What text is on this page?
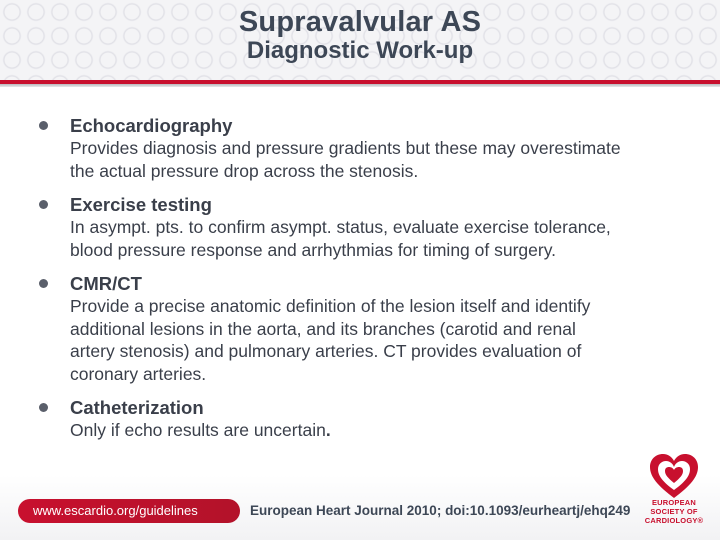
Supravalvular AS
Diagnostic Work-up
Echocardiography
Provides diagnosis and pressure gradients but these may overestimate
the actual pressure drop across the stenosis.
Exercise testing
In asympt. pts. to confirm asympt. status, evaluate exercise tolerance,
blood pressure response and arrhythmias for timing of surgery.
CMR/CT
Provide a precise anatomic definition of the lesion itself and identify
additional lesions in the aorta, and its branches (carotid and renal
artery stenosis) and pulmonary arteries. CT provides evaluation of
coronary arteries.
Catheterization
Only if echo results are uncertain.
www.escardio.org/guidelines	European Heart Journal 2010; doi:10.1093/eurheartj/ehq249
EUROPEAN
SOCIETY OF
CARDIOLOGY®
